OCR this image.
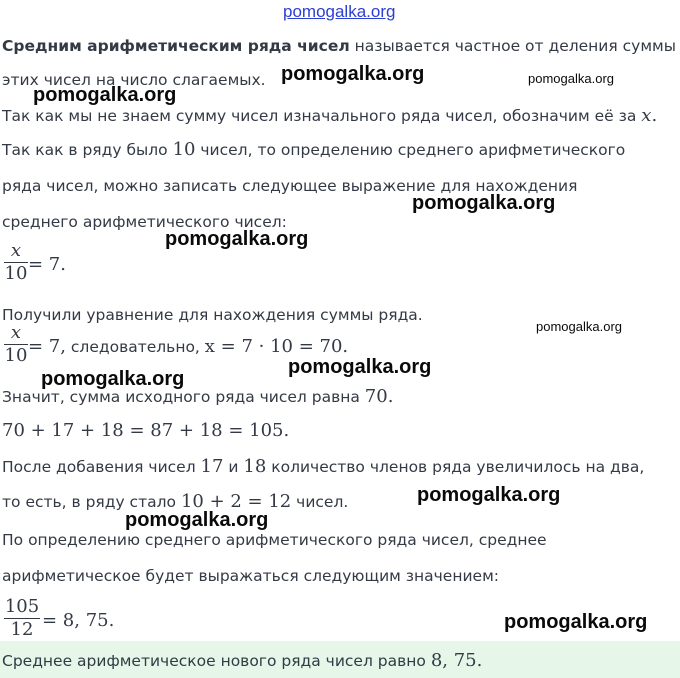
pomogalka.org
pomogalka.org	pomogalka.org
pomogalka.org
pomogalka.org
pomogalka.org
pomogalka.org
pomogalka.org
pomogalka.org
pomogalka.org
pomogalka.org
pomogalka.org
Средним арифметическим ряда чисел называется частное от деления суммы
этих чисел на число слагаемых.
Так как мы не знаем сумму чисел изначального ряда чисел, обозначим её за x.
Так как в ряду было 10 чисел, то определению среднего арифметического
ряда чисел, можно записать следующее выражение для нахождения
среднего арифметического чисел:
x
10 = 7.
Получили уравнение для нахождения суммы ряда.
x
10 = 7, следовательно, x = 7 · 10 = 70.
Значит, сумма исходного ряда чисел равна 70.
70 + 17 + 18 = 87 + 18 = 105.
После добавения чисел 17 и 18 количество членов ряда увеличилось на два,
то есть, в ряду стало 10 + 2 = 12 чисел.
По определению среднего арифметического ряда чисел, среднее
арифметическое будет выражаться следующим значением:
105
12 = 8, 75.
Среднее арифметическое нового ряда чисел равно 8, 75.
